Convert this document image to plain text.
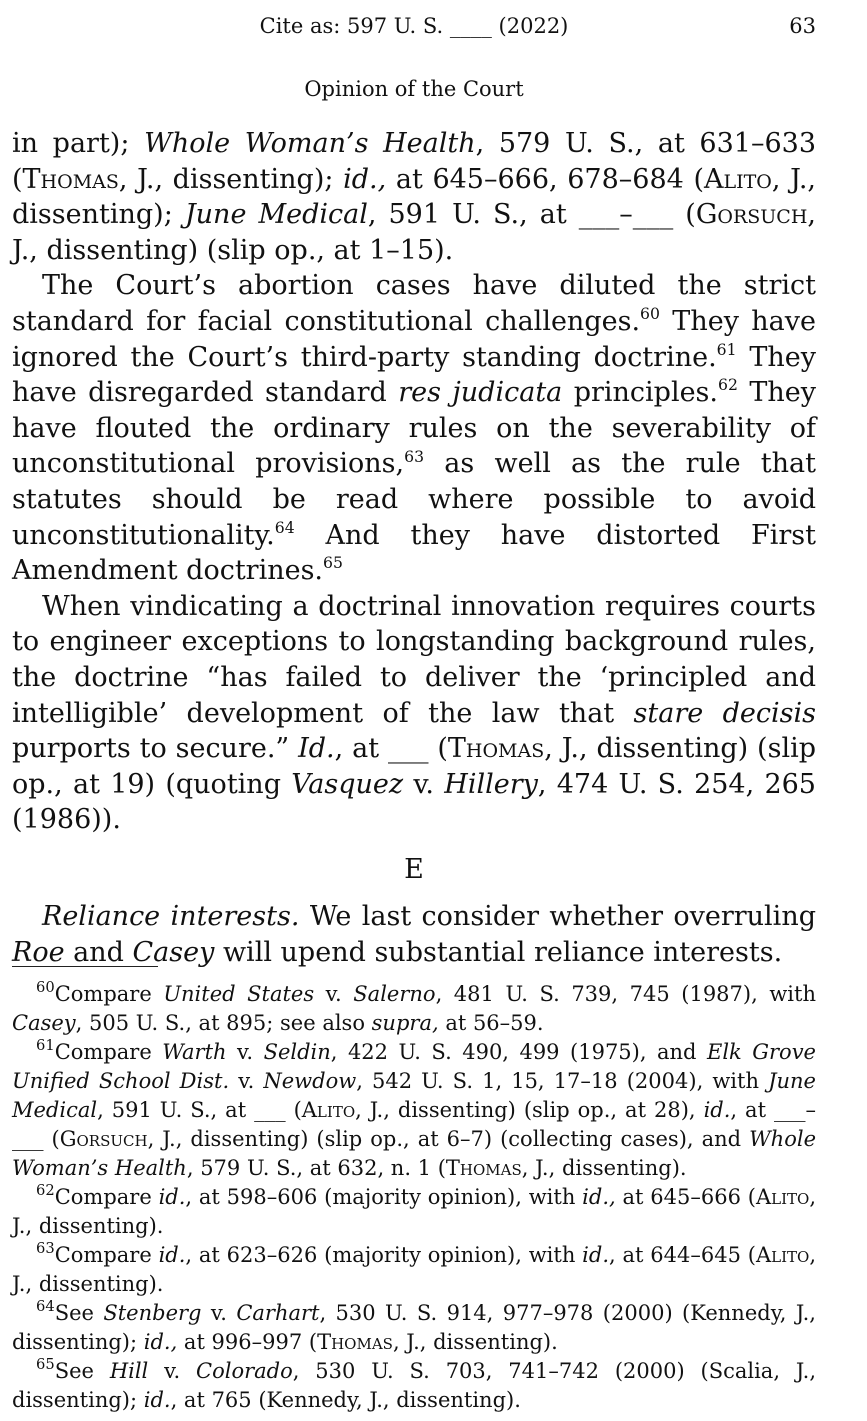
Cite as: 597 U. S. ____ (2022)	63
Opinion of the Court

in part); Whole Woman’s Health, 579 U. S., at 631–633 (Thomas, J., dissenting); id., at 645–666, 678–684 (Alito, J., dissenting); June Medical, 591 U. S., at ___–___ (Gorsuch, J., dissenting) (slip op., at 1–15).

The Court’s abortion cases have diluted the strict standard for facial constitutional challenges.$^{60}$ They have ignored the Court’s third-party standing doctrine.$^{61}$ They have disregarded standard res judicata principles.$^{62}$ They have flouted the ordinary rules on the severability of unconstitutional provisions,$^{63}$ as well as the rule that statutes should be read where possible to avoid unconstitutionality.$^{64}$ And they have distorted First Amendment doctrines.$^{65}$

When vindicating a doctrinal innovation requires courts to engineer exceptions to longstanding background rules, the doctrine “has failed to deliver the ‘principled and intelligible’ development of the law that stare decisis purports to secure.” Id., at ___ (Thomas, J., dissenting) (slip op., at 19) (quoting Vasquez v. Hillery, 474 U. S. 254, 265 (1986)).

E

Reliance interests. We last consider whether overruling Roe and Casey will upend substantial reliance interests.

$^{60}$Compare United States v. Salerno, 481 U. S. 739, 745 (1987), with Casey, 505 U. S., at 895; see also supra, at 56–59.

$^{61}$Compare Warth v. Seldin, 422 U. S. 490, 499 (1975), and Elk Grove Unified School Dist. v. Newdow, 542 U. S. 1, 15, 17–18 (2004), with June Medical, 591 U. S., at ___ (Alito, J., dissenting) (slip op., at 28), id., at ___–___ (Gorsuch, J., dissenting) (slip op., at 6–7) (collecting cases), and Whole Woman’s Health, 579 U. S., at 632, n. 1 (Thomas, J., dissenting).

$^{62}$Compare id., at 598–606 (majority opinion), with id., at 645–666 (Alito, J., dissenting).

$^{63}$Compare id., at 623–626 (majority opinion), with id., at 644–645 (Alito, J., dissenting).

$^{64}$See Stenberg v. Carhart, 530 U. S. 914, 977–978 (2000) (Kennedy, J., dissenting); id., at 996–997 (Thomas, J., dissenting).

$^{65}$See Hill v. Colorado, 530 U. S. 703, 741–742 (2000) (Scalia, J., dissenting); id., at 765 (Kennedy, J., dissenting).
